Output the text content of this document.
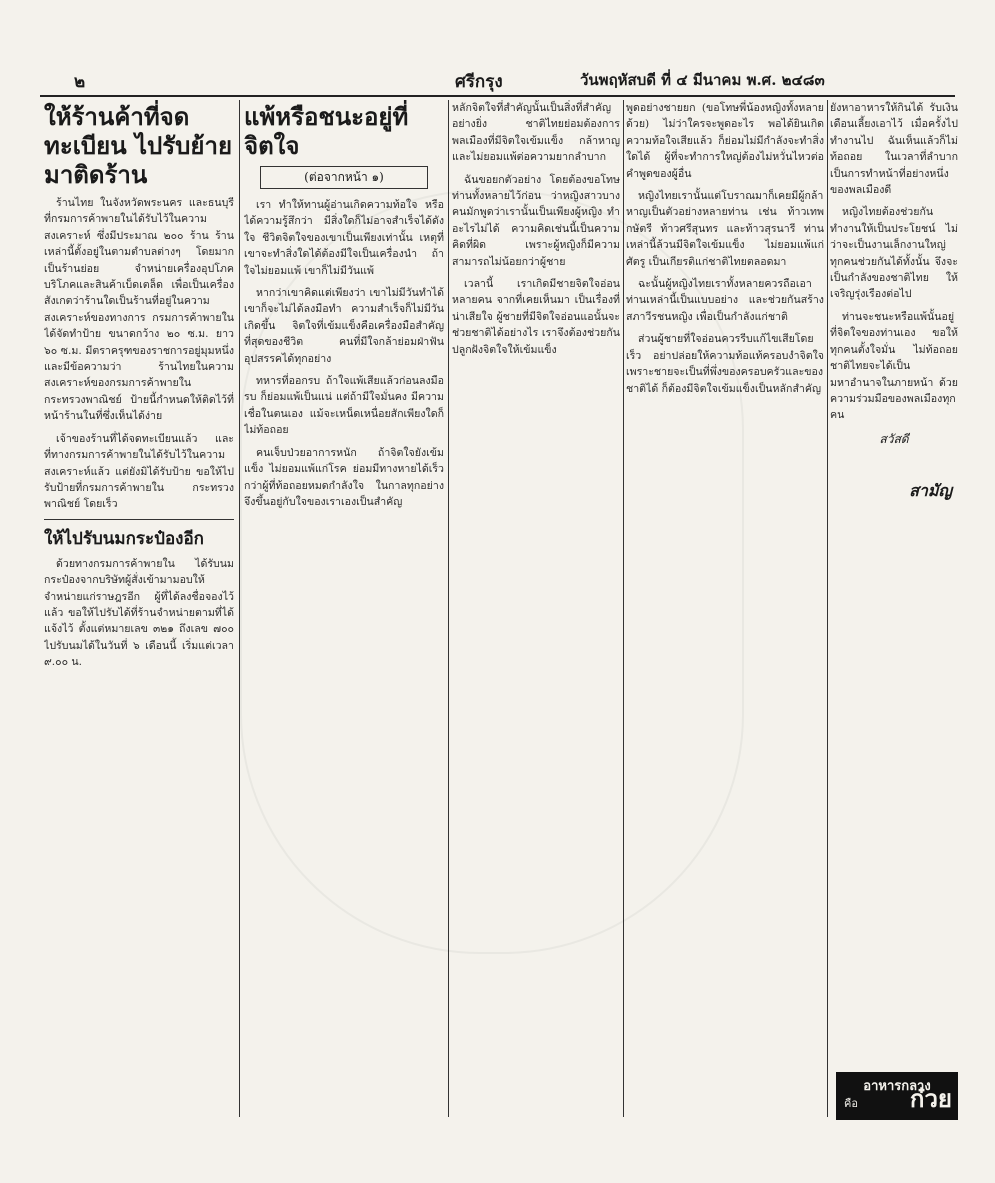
๒	ศรีกรุง	วันพฤหัสบดี ที่ ๔ มีนาคม พ.ศ. ๒๔๘๓
ให้ร้านค้าที่จดทะเบียน ไปรับย้ายมาติดร้าน

ร้านไทย ในจังหวัดพระนคร และธนบุรีที่กรมการค้าพายในได้รับไว้ในความสงเคราะห์ ซึ่งมีประมาณ ๒๐๐ ร้าน ร้านเหล่านี้ตั้งอยู่ในตามตำบลต่างๆ โดยมากเป็นร้านย่อย จำหน่ายเครื่องอุปโภคบริโภคและสินค้าเบ็ดเตล็ด เพื่อเป็นเครื่องสังเกตว่าร้านใดเป็นร้านที่อยู่ในความสงเคราะห์ของทางการ กรมการค้าพายในได้จัดทำป้าย ขนาดกว้าง ๒๐ ซ.ม. ยาว ๖๐ ซ.ม. มีตราครุฑของราชการอยู่มุมหนึ่ง และมีข้อความว่า ร้านไทยในความสงเคราะห์ของกรมการค้าพายใน กระทรวงพาณิชย์ ป้ายนี้กำหนดให้ติดไว้ที่หน้าร้านในที่ซึ่งเห็นได้ง่าย

เจ้าของร้านที่ได้จดทะเบียนแล้ว และที่ทางกรมการค้าพายในได้รับไว้ในความสงเคราะห์แล้ว แต่ยังมิได้รับป้าย ขอให้ไปรับป้ายที่กรมการค้าพายใน กระทรวงพาณิชย์ โดยเร็ว

ให้ไปรับนมกระป๋องอีก

ด้วยทางกรมการค้าพายใน ได้รับนมกระป๋องจากบริษัทผู้สั่งเข้ามามอบให้จำหน่ายแก่ราษฎรอีก ผู้ที่ได้ลงชื่อจองไว้แล้ว ขอให้ไปรับได้ที่ร้านจำหน่ายตามที่ได้แจ้งไว้ ตั้งแต่หมายเลข ๓๒๑ ถึงเลข ๗๐๐ ไปรับนมได้ในวันที่ ๖ เดือนนี้ เริ่มแต่เวลา ๙.๐๐ น.

แพ้หรือชนะอยู่ที่จิตใจ
(ต่อจากหน้า ๑)

เรา ทำให้ทานผู้อ่านเกิดความท้อใจ หรือได้ความรู้สึกว่า มีสิ่งใดก็ไม่อาจสำเร็จได้ดังใจ ชีวิตจิตใจของเขาเป็นเพียงเท่านั้น เหตุที่เขาจะทำสิ่งใดได้ต้องมีใจเป็นเครื่องนำ ถ้าใจไม่ยอมแพ้ เขาก็ไม่มีวันแพ้

หากว่าเขาคิดแต่เพียงว่า เขาไม่มีวันทำได้ เขาก็จะไม่ได้ลงมือทำ ความสำเร็จก็ไม่มีวันเกิดขึ้น จิตใจที่เข้มแข็งคือเครื่องมือสำคัญที่สุดของชีวิต คนที่มีใจกล้าย่อมฝ่าฟันอุปสรรคได้ทุกอย่าง

ทหารที่ออกรบ ถ้าใจแพ้เสียแล้วก่อนลงมือรบ ก็ย่อมแพ้เป็นแน่ แต่ถ้ามีใจมั่นคง มีความเชื่อในตนเอง แม้จะเหน็ดเหนื่อยสักเพียงใดก็ไม่ท้อถอย

คนเจ็บป่วยอาการหนัก ถ้าจิตใจยังเข้มแข็ง ไม่ยอมแพ้แก่โรค ย่อมมีทางหายได้เร็วกว่าผู้ที่ท้อถอยหมดกำลังใจ ในกาลทุกอย่างจึงขึ้นอยู่กับใจของเราเองเป็นสำคัญ

หลักจิตใจที่สำคัญนั้นเป็นสิ่งที่สำคัญอย่างยิ่ง ชาติไทยย่อมต้องการพลเมืองที่มีจิตใจเข้มแข็ง กล้าหาญ และไม่ยอมแพ้ต่อความยากลำบาก

ฉันขอยกตัวอย่าง โดยต้องขอโทษท่านทั้งหลายไว้ก่อน ว่าหญิงสาวบางคนมักพูดว่าเรานั้นเป็นเพียงผู้หญิง ทำอะไรไม่ได้ ความคิดเช่นนี้เป็นความคิดที่ผิด เพราะผู้หญิงก็มีความสามารถไม่น้อยกว่าผู้ชาย

เวลานี้ เราเกิดมีชายจิตใจอ่อนหลายคน จากที่เคยเห็นมา เป็นเรื่องที่น่าเสียใจ ผู้ชายที่มีจิตใจอ่อนแอนั้นจะช่วยชาติได้อย่างไร เราจึงต้องช่วยกันปลูกฝังจิตใจให้เข้มแข็ง

พูดอย่างชายยก (ขอโทษพี่น้องหญิงทั้งหลายด้วย) ไม่ว่าใครจะพูดอะไร พอได้ยินเกิดความท้อใจเสียแล้ว ก็ย่อมไม่มีกำลังจะทำสิ่งใดได้ ผู้ที่จะทำการใหญ่ต้องไม่หวั่นไหวต่อคำพูดของผู้อื่น

หญิงไทยเรานั้นแต่โบราณมาก็เคยมีผู้กล้าหาญเป็นตัวอย่างหลายท่าน เช่น ท้าวเทพกษัตรี ท้าวศรีสุนทร และท้าวสุรนารี ท่านเหล่านี้ล้วนมีจิตใจเข้มแข็ง ไม่ยอมแพ้แก่ศัตรู เป็นเกียรติแก่ชาติไทยตลอดมา

ฉะนั้นผู้หญิงไทยเราทั้งหลายควรถือเอาท่านเหล่านี้เป็นแบบอย่าง และช่วยกันสร้าง สภาวีรชนหญิง เพื่อเป็นกำลังแก่ชาติ

ส่วนผู้ชายที่ใจอ่อนควรรีบแก้ไขเสียโดยเร็ว อย่าปล่อยให้ความท้อแท้ครอบงำจิตใจ เพราะชายจะเป็นที่พึ่งของครอบครัวและของชาติได้ ก็ต้องมีจิตใจเข้มแข็งเป็นหลักสำคัญ

ยังหาอาหารให้กินได้ รับเงินเดือนเลี้ยงเอาไว้ เมื่อครั้งไปทำงานไป ฉันเห็นแล้วก็ไม่ท้อถอย ในเวลาที่ลำบาก เป็นการทำหน้าที่อย่างหนึ่ง ของพลเมืองดี

หญิงไทยต้องช่วยกันทำงานให้เป็นประโยชน์ ไม่ว่าจะเป็นงานเล็กงานใหญ่ ทุกคนช่วยกันได้ทั้งนั้น จึงจะเป็นกำลังของชาติไทย ให้เจริญรุ่งเรืองต่อไป

ท่านจะชนะหรือแพ้นั้นอยู่ที่จิตใจของท่านเอง ขอให้ทุกคนตั้งใจมั่น ไม่ท้อถอย ชาติไทยจะได้เป็นมหาอำนาจในภายหน้า ด้วยความร่วมมือของพลเมืองทุกคน

สวัสดี
สามัญ
อาหารกลาง
คือ ก๋วย
